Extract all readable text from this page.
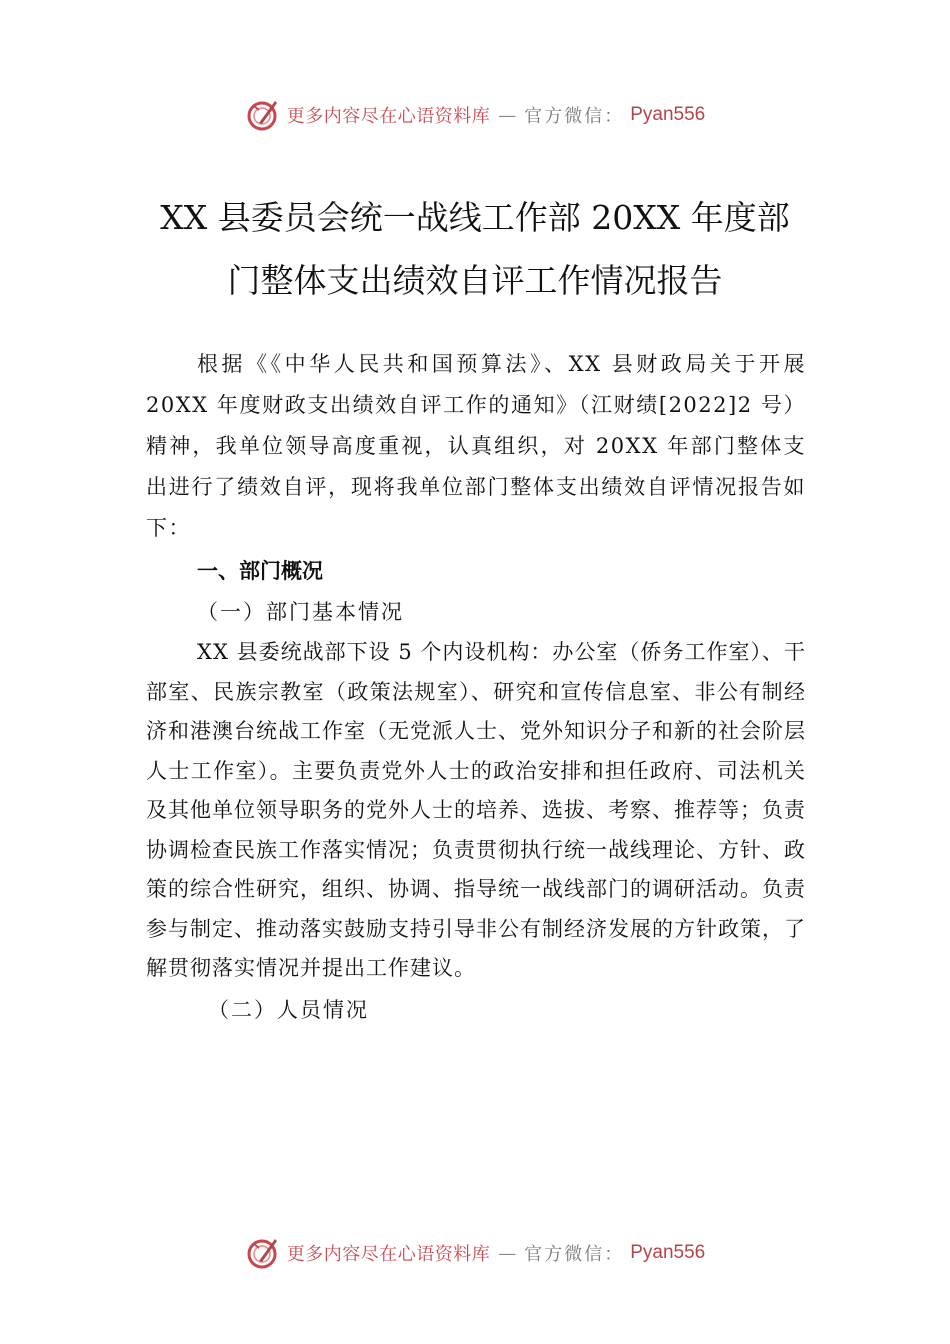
更多内容尽在心语资料库 — 官方微信： Pyan556
XX 县委员会统一战线工作部 20XX 年度部
门整体支出绩效自评工作情况报告

根据《《中华人民共和国预算法》、XX 县财政局关于开展 20XX 年度财政支出绩效自评工作的通知》（江财绩[2022]2 号）精神，我单位领导高度重视，认真组织，对 20XX 年部门整体支出进行了绩效自评，现将我单位部门整体支出绩效自评情况报告如下：

一、部门概况

（一）部门基本情况

XX 县委统战部下设 5 个内设机构：办公室（侨务工作室）、干部室、民族宗教室（政策法规室）、研究和宣传信息室、非公有制经济和港澳台统战工作室（无党派人士、党外知识分子和新的社会阶层人士工作室）。主要负责党外人士的政治安排和担任政府、司法机关及其他单位领导职务的党外人士的培养、选拔、考察、推荐等；负责协调检查民族工作落实情况；负责贯彻执行统一战线理论、方针、政策的综合性研究，组织、协调、指导统一战线部门的调研活动。负责参与制定、推动落实鼓励支持引导非公有制经济发展的方针政策，了解贯彻落实情况并提出工作建议。

（二）人员情况

更多内容尽在心语资料库 — 官方微信： Pyan556
